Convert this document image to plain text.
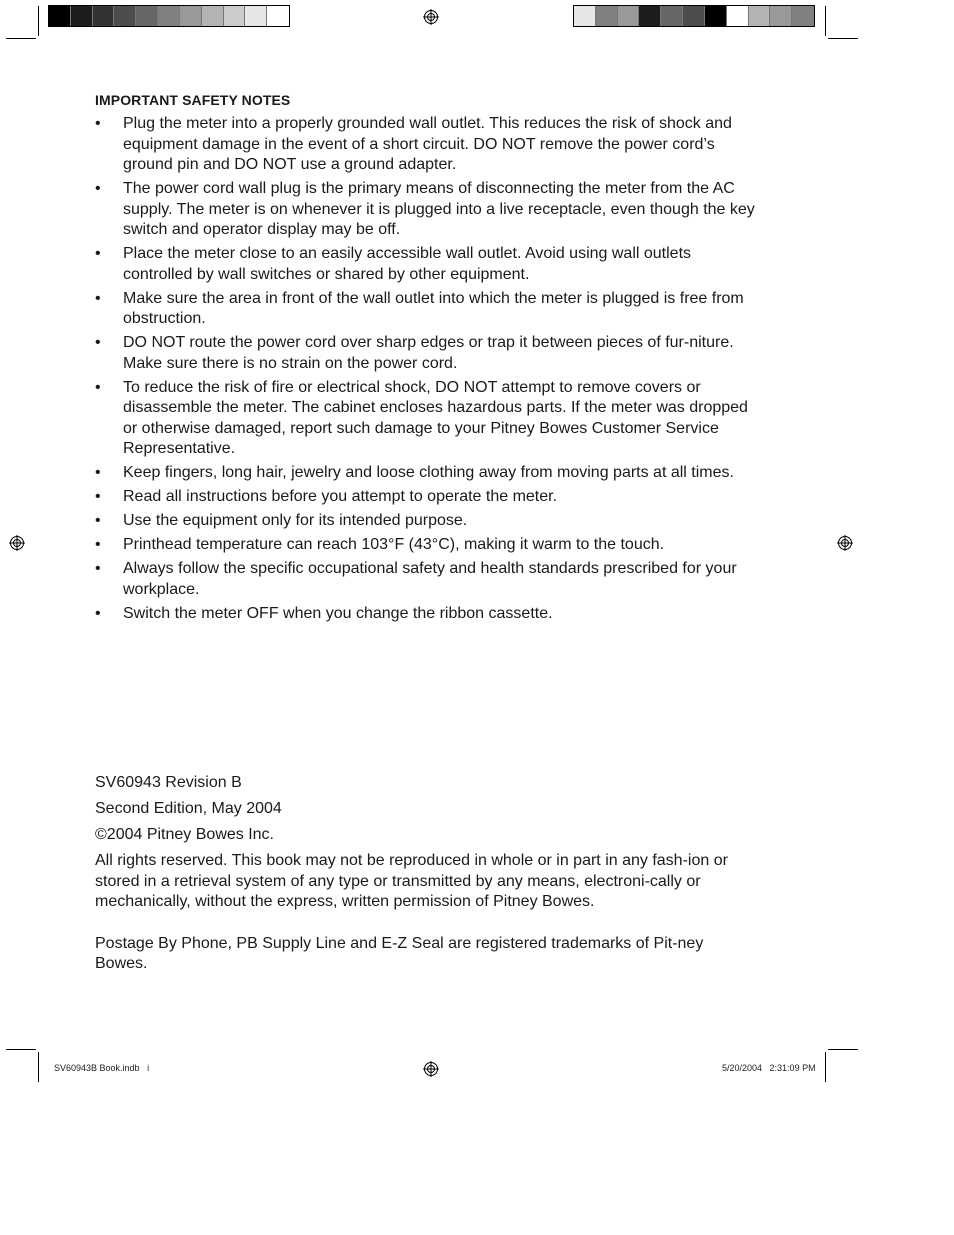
IMPORTANT SAFETY NOTES
• Plug the meter into a properly grounded wall outlet. This reduces the risk of shock and equipment damage in the event of a short circuit. DO NOT remove the power cord’s ground pin and DO NOT use a ground adapter.
• The power cord wall plug is the primary means of disconnecting the meter from the AC supply. The meter is on whenever it is plugged into a live receptacle, even though the key switch and operator display may be off.
• Place the meter close to an easily accessible wall outlet. Avoid using wall outlets controlled by wall switches or shared by other equipment.
• Make sure the area in front of the wall outlet into which the meter is plugged is free from obstruction.
• DO NOT route the power cord over sharp edges or trap it between pieces of fur-niture. Make sure there is no strain on the power cord.
• To reduce the risk of fire or electrical shock, DO NOT attempt to remove covers or disassemble the meter. The cabinet encloses hazardous parts. If the meter was dropped or otherwise damaged, report such damage to your Pitney Bowes Customer Service Representative.
• Keep fingers, long hair, jewelry and loose clothing away from moving parts at all times.
• Read all instructions before you attempt to operate the meter.
• Use the equipment only for its intended purpose.
• Printhead temperature can reach 103°F (43°C), making it warm to the touch.
• Always follow the specific occupational safety and health standards prescribed for your workplace.
• Switch the meter OFF when you change the ribbon cassette.

SV60943 Revision B

Second Edition, May 2004

©2004 Pitney Bowes Inc.

All rights reserved. This book may not be reproduced in whole or in part in any fash-ion or stored in a retrieval system of any type or transmitted by any means, electroni-cally or mechanically, without the express, written permission of Pitney Bowes.

Postage By Phone, PB Supply Line and E-Z Seal are registered trademarks of Pit-ney Bowes.

SV60943B Book.indb   i	5/20/2004   2:31:09 PM
